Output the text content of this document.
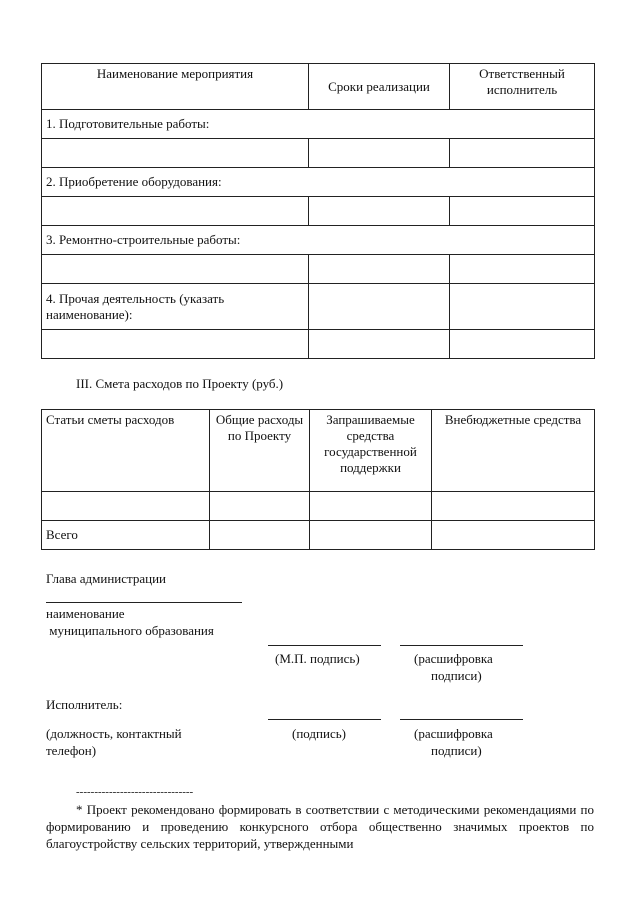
Наименование мероприятия	Сроки реализации	Ответственный исполнитель
1. Подготовительные работы:		

2. Приобретение оборудования:		

3. Ремонтно-строительные работы:		

4. Прочая деятельность (указать наименование):		

III. Смета расходов по Проекту (руб.)
Статьи сметы расходов	Общие расходы по Проекту	Запрашиваемые средства государственной поддержки	Внебюджетные средства

Всего			
Глава администрации
наименование
муниципального образования
(М.П. подпись)	(расшифровка
подписи)
Исполнитель:
(должность, контактный
телефон)
(подпись)	(расшифровка
подписи)
--------------------------------
* Проект рекомендовано формировать в соответствии с методическими рекомендациями по формированию и проведению конкурсного отбора общественно значимых проектов по благоустройству сельских территорий, утвержденными
